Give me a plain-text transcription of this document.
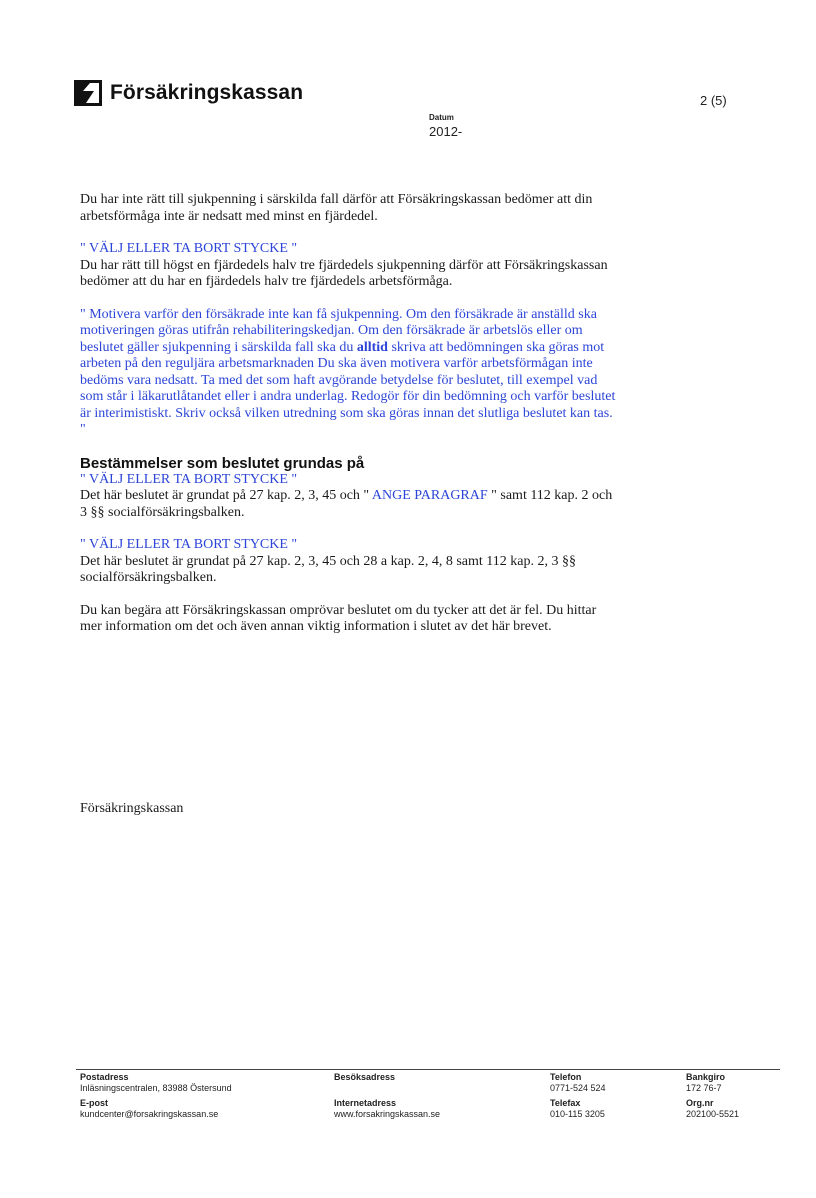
Försäkringskassan	2 (5)
Datum
2012-

Du har inte rätt till sjukpenning i särskilda fall därför att Försäkringskassan bedömer att din arbetsförmåga inte är nedsatt med minst en fjärdedel.

" VÄLJ ELLER TA BORT STYCKE "

Du har rätt till högst en fjärdedels halv tre fjärdedels sjukpenning därför att Försäkringskassan bedömer att du har en fjärdedels halv tre fjärdedels arbetsförmåga.

" Motivera varför den försäkrade inte kan få sjukpenning. Om den försäkrade är anställd ska motiveringen göras utifrån rehabiliteringskedjan. Om den försäkrade är arbetslös eller om beslutet gäller sjukpenning i särskilda fall ska du alltid skriva att bedömningen ska göras mot arbeten på den reguljära arbetsmarknaden Du ska även motivera varför arbetsförmågan inte bedöms vara nedsatt. Ta med det som haft avgörande betydelse för beslutet, till exempel vad som står i läkarutlåtandet eller i andra underlag. Redogör för din bedömning och varför beslutet är interimistiskt. Skriv också vilken utredning som ska göras innan det slutliga beslutet kan tas. "

Bestämmelser som beslutet grundas på

" VÄLJ ELLER TA BORT STYCKE "

Det här beslutet är grundat på 27 kap. 2, 3, 45 och " ANGE PARAGRAF " samt 112 kap. 2 och 3 §§ socialförsäkringsbalken.

" VÄLJ ELLER TA BORT STYCKE "

Det här beslutet är grundat på 27 kap. 2, 3, 45 och 28 a kap. 2, 4, 8 samt 112 kap. 2, 3 §§ socialförsäkringsbalken.

Du kan begära att Försäkringskassan omprövar beslutet om du tycker att det är fel. Du hittar mer information om det och även annan viktig information i slutet av det här brevet.

Försäkringskassan
Postadress
Inläsningscentralen, 83988 Östersund
E-post
kundcenter@forsakringskassan.se
Besöksadress

Internetadress
www.forsakringskassan.se
Telefon
0771-524 524
Telefax
010-115 3205
Bankgiro
172 76-7
Org.nr
202100-5521
